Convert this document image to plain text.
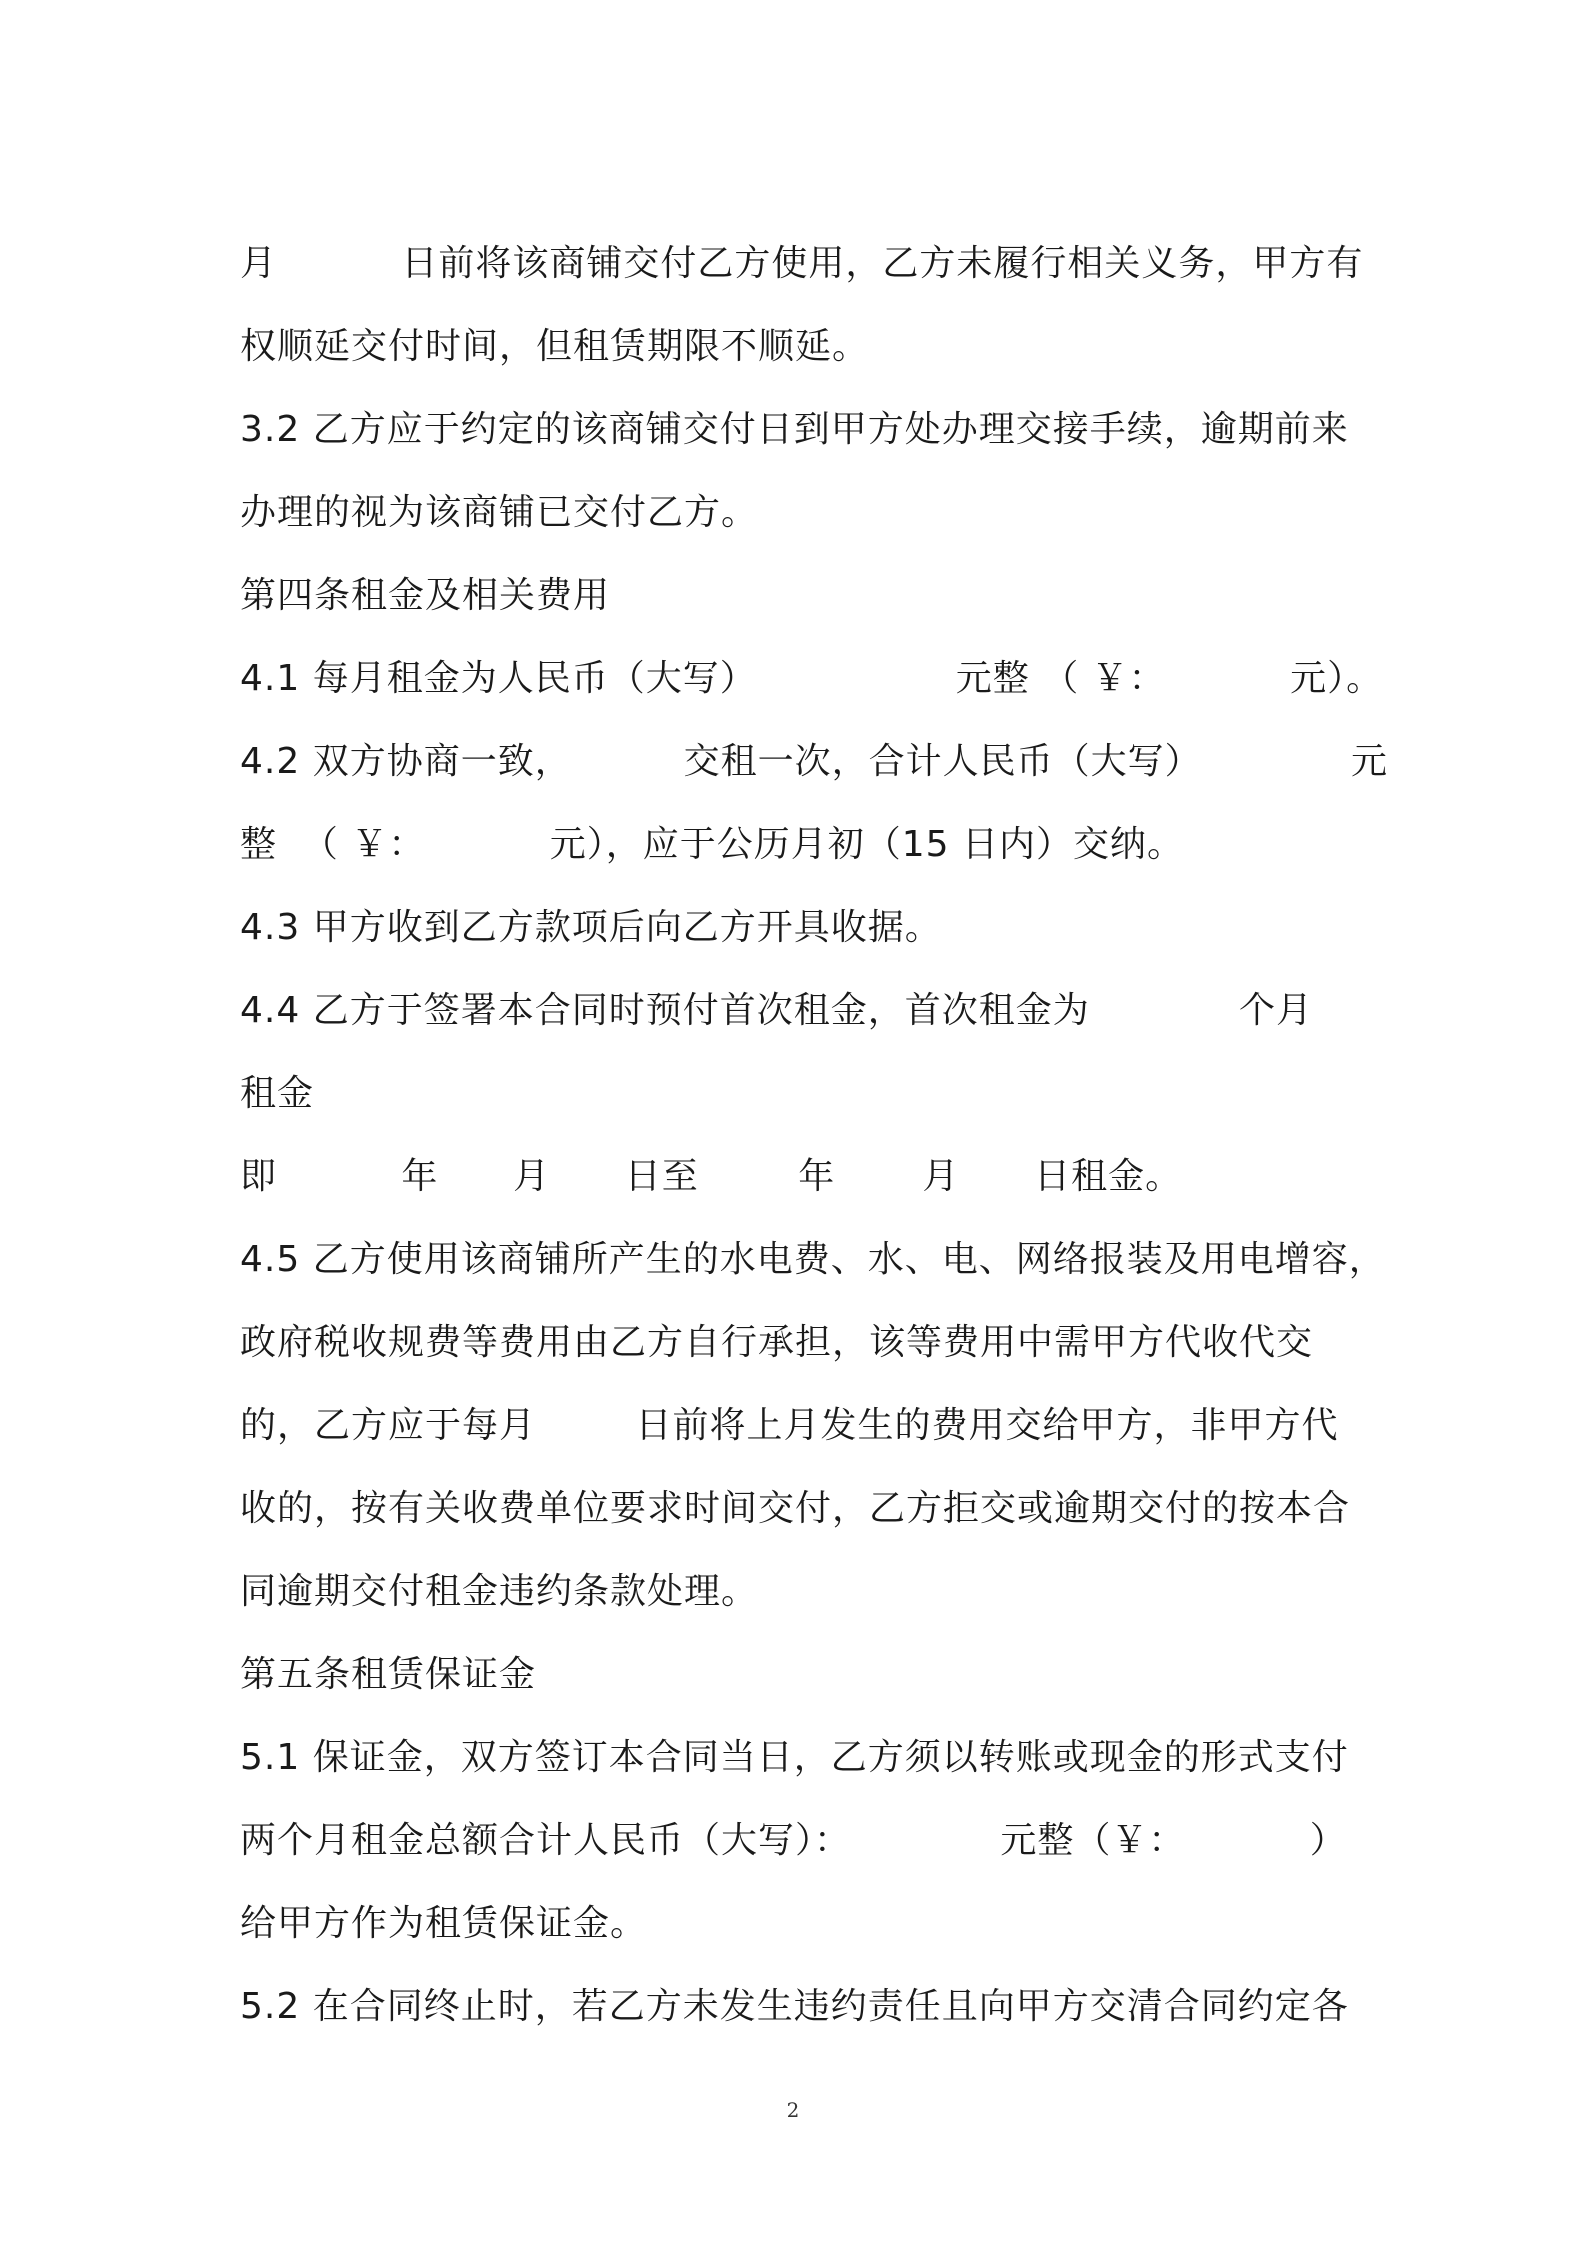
月          日前将该商铺交付乙方使用，乙方未履行相关义务，甲方有
权顺延交付时间，但租赁期限不顺延。
3.2 乙方应于约定的该商铺交付日到甲方处办理交接手续，逾期前来
办理的视为该商铺已交付乙方。
第四条租金及相关费用
4.1 每月租金为人民币（大写）                元整 （ ￥：          元）。
4.2 双方协商一致，         交租一次，合计人民币（大写）            元
整  （ ￥：          元），应于公历月初（15 日内）交纳。
4.3 甲方收到乙方款项后向乙方开具收据。
4.4 乙方于签署本合同时预付首次租金，首次租金为            个月
租金
即          年      月      日至        年       月      日租金。
4.5 乙方使用该商铺所产生的水电费、水、电、网络报装及用电增容，
政府税收规费等费用由乙方自行承担，该等费用中需甲方代收代交
的，乙方应于每月        日前将上月发生的费用交给甲方，非甲方代
收的，按有关收费单位要求时间交付，乙方拒交或逾期交付的按本合
同逾期交付租金违约条款处理。
第五条租赁保证金
5.1 保证金，双方签订本合同当日，乙方须以转账或现金的形式支付
两个月租金总额合计人民币（大写）：            元整（￥：          ）
给甲方作为租赁保证金。
5.2 在合同终止时，若乙方未发生违约责任且向甲方交清合同约定各
2
